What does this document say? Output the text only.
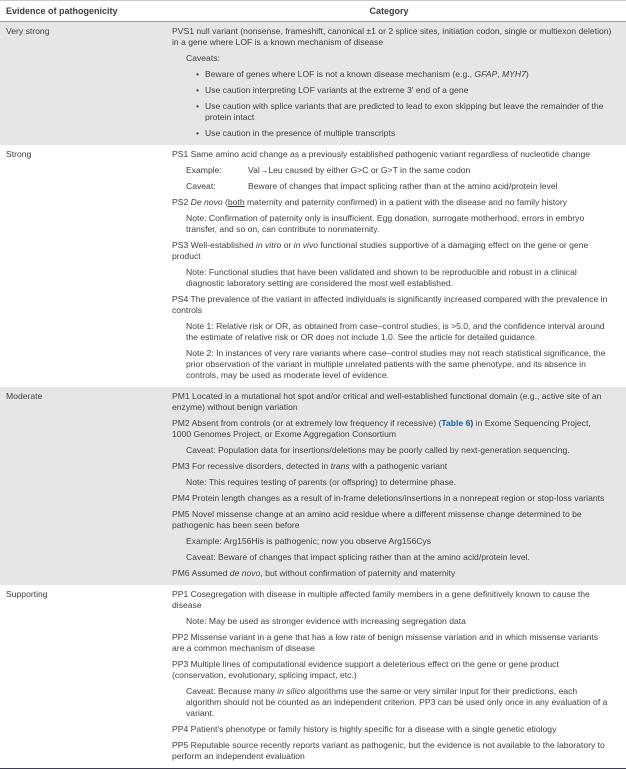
Evidence of pathogenicity	Category
Very strong	PVS1 null variant (nonsense, frameshift, canonical ±1 or 2 splice sites, initiation codon, single or multiexon deletion) in a gene where LOF is a known mechanism of disease
Caveats:
• Beware of genes where LOF is not a known disease mechanism (e.g., GFAP, MYH7)
• Use caution interpreting LOF variants at the extreme 3′ end of a gene
• Use caution with splice variants that are predicted to lead to exon skipping but leave the remainder of the protein intact
• Use caution in the presence of multiple transcripts
Strong	PS1 Same amino acid change as a previously established pathogenic variant regardless of nucleotide change
Example:	Val→Leu caused by either G>C or G>T in the same codon
Caveat:	Beware of changes that impact splicing rather than at the amino acid/protein level
PS2 De novo (both maternity and paternity confirmed) in a patient with the disease and no family history
Note: Confirmation of paternity only is insufficient. Egg donation, surrogate motherhood, errors in embryo transfer, and so on, can contribute to nonmaternity.
PS3 Well-established in vitro or in vivo functional studies supportive of a damaging effect on the gene or gene product
Note: Functional studies that have been validated and shown to be reproducible and robust in a clinical diagnostic laboratory setting are considered the most well established.
PS4 The prevalence of the variant in affected individuals is significantly increased compared with the prevalence in controls
Note 1: Relative risk or OR, as obtained from case–control studies, is >5.0, and the confidence interval around the estimate of relative risk or OR does not include 1.0. See the article for detailed guidance.
Note 2: In instances of very rare variants where case–control studies may not reach statistical significance, the prior observation of the variant in multiple unrelated patients with the same phenotype, and its absence in controls, may be used as moderate level of evidence.
Moderate	PM1 Located in a mutational hot spot and/or critical and well-established functional domain (e.g., active site of an enzyme) without benign variation
PM2 Absent from controls (or at extremely low frequency if recessive) (Table 6) in Exome Sequencing Project, 1000 Genomes Project, or Exome Aggregation Consortium
Caveat: Population data for insertions/deletions may be poorly called by next-generation sequencing.
PM3 For recessive disorders, detected in trans with a pathogenic variant
Note: This requires testing of parents (or offspring) to determine phase.
PM4 Protein length changes as a result of in-frame deletions/insertions in a nonrepeat region or stop-loss variants
PM5 Novel missense change at an amino acid residue where a different missense change determined to be pathogenic has been seen before
Example: Arg156His is pathogenic; now you observe Arg156Cys
Caveat: Beware of changes that impact splicing rather than at the amino acid/protein level.
PM6 Assumed de novo, but without confirmation of paternity and maternity
Supporting	PP1 Cosegregation with disease in multiple affected family members in a gene definitively known to cause the disease
Note: May be used as stronger evidence with increasing segregation data
PP2 Missense variant in a gene that has a low rate of benign missense variation and in which missense variants are a common mechanism of disease
PP3 Multiple lines of computational evidence support a deleterious effect on the gene or gene product (conservation, evolutionary, splicing impact, etc.)
Caveat: Because many in silico algorithms use the same or very similar input for their predictions, each algorithm should not be counted as an independent criterion. PP3 can be used only once in any evaluation of a variant.
PP4 Patient’s phenotype or family history is highly specific for a disease with a single genetic etiology
PP5 Reputable source recently reports variant as pathogenic, but the evidence is not available to the laboratory to perform an independent evaluation
